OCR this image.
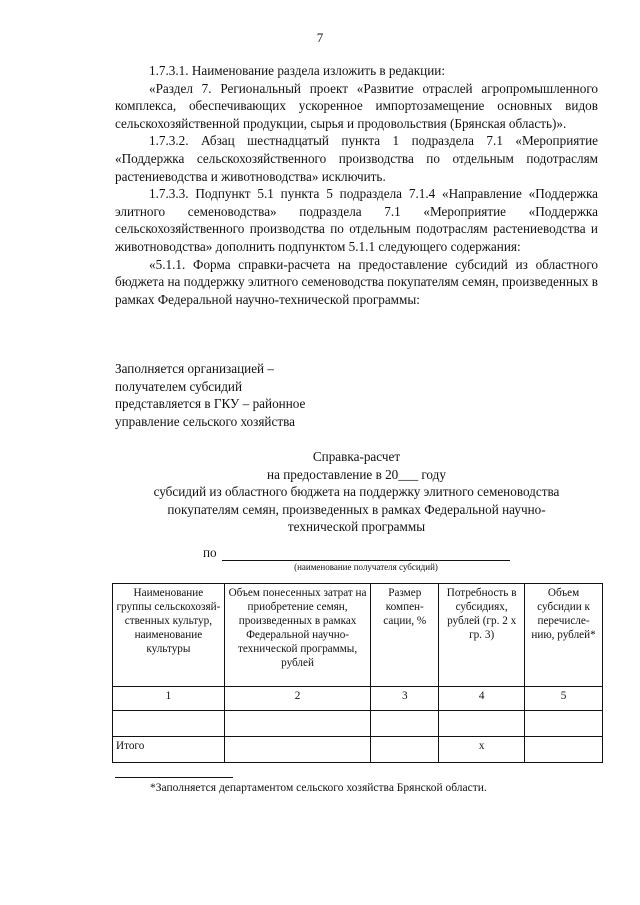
7

1.7.3.1. Наименование раздела изложить в редакции:

«Раздел 7. Региональный проект «Развитие отраслей агропромышленного комплекса, обеспечивающих ускоренное импортозамещение основных видов сельскохозяйственной продукции, сырья и продовольствия (Брянская область)».

1.7.3.2. Абзац шестнадцатый пункта 1 подраздела 7.1 «Мероприятие «Поддержка сельскохозяйственного производства по отдельным подотраслям растениеводства и животноводства» исключить.

1.7.3.3. Подпункт 5.1 пункта 5 подраздела 7.1.4 «Направление «Поддержка элитного семеноводства» подраздела 7.1 «Мероприятие «Поддержка сельскохозяйственного производства по отдельным подотраслям растениеводства и животноводства» дополнить подпунктом 5.1.1 следующего содержания:

«5.1.1. Форма справки-расчета на предоставление субсидий из областного бюджета на поддержку элитного семеноводства покупателям семян, произведенных в рамках Федеральной научно-технической программы:

Заполняется организацией –
получателем субсидий
представляется в ГКУ – районное
управление сельского хозяйства
Справка-расчет
на предоставление в 20___ году
субсидий из областного бюджета на поддержку элитного семеноводства
покупателям семян, произведенных в рамках Федеральной научно-
технической программы
по
(наименование получателя субсидий)
Наименование группы сельскохозяй-ственных культур, наименование культуры	Объем понесенных затрат на приобретение семян, произведенных в рамках Федеральной научно-технической программы, рублей	Размер компен-сации, %	Потребность в субсидиях, рублей (гр. 2 х гр. 3)	Объем субсидии к перечисле-нию, рублей*
1	2	3	4	5

Итого			х	
*Заполняется департаментом сельского хозяйства Брянской области.
